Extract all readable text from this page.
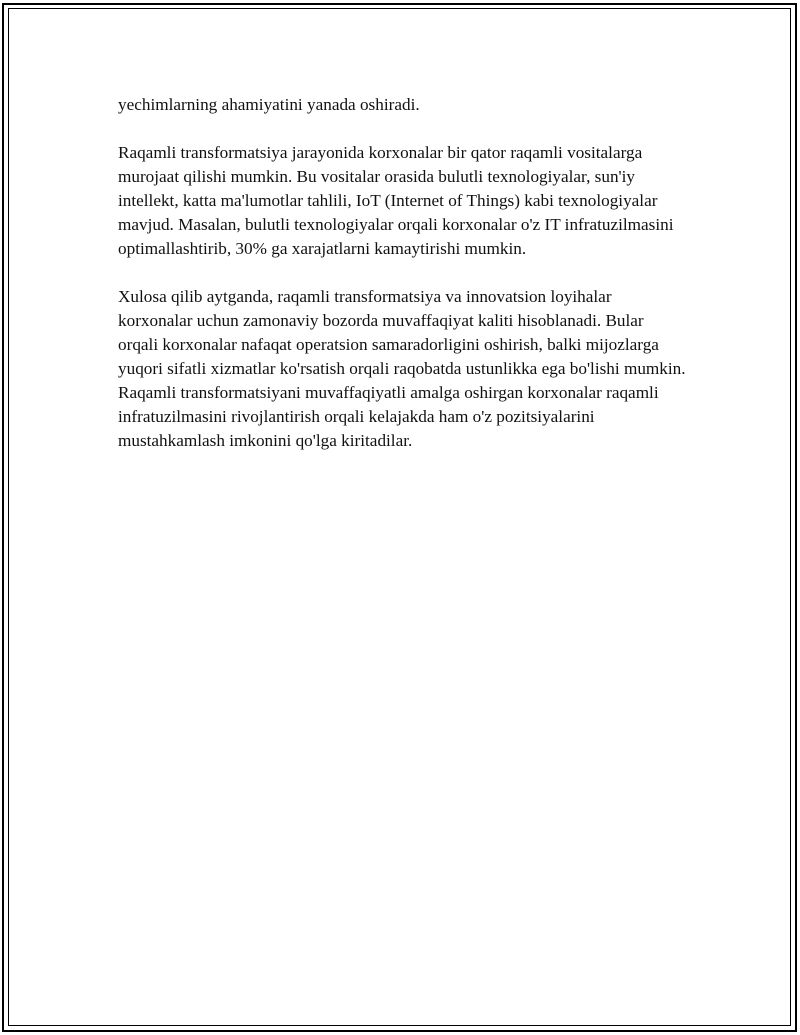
yechimlarning ahamiyatini yanada oshiradi.

Raqamli transformatsiya jarayonida korxonalar bir qator raqamli vositalarga murojaat qilishi mumkin. Bu vositalar orasida bulutli texnologiyalar, sun'iy intellekt, katta ma'lumotlar tahlili, IoT (Internet of Things) kabi texnologiyalar mavjud. Masalan, bulutli texnologiyalar orqali korxonalar o'z IT infratuzilmasini optimallashtirib, 30% ga xarajatlarni kamaytirishi mumkin.

Xulosa qilib aytganda, raqamli transformatsiya va innovatsion loyihalar korxonalar uchun zamonaviy bozorda muvaffaqiyat kaliti hisoblanadi. Bular orqali korxonalar nafaqat operatsion samaradorligini oshirish, balki mijozlarga yuqori sifatli xizmatlar ko'rsatish orqali raqobatda ustunlikka ega bo'lishi mumkin. Raqamli transformatsiyani muvaffaqiyatli amalga oshirgan korxonalar raqamli infratuzilmasini rivojlantirish orqali kelajakda ham o'z pozitsiyalarini mustahkamlash imkonini qo'lga kiritadilar.
